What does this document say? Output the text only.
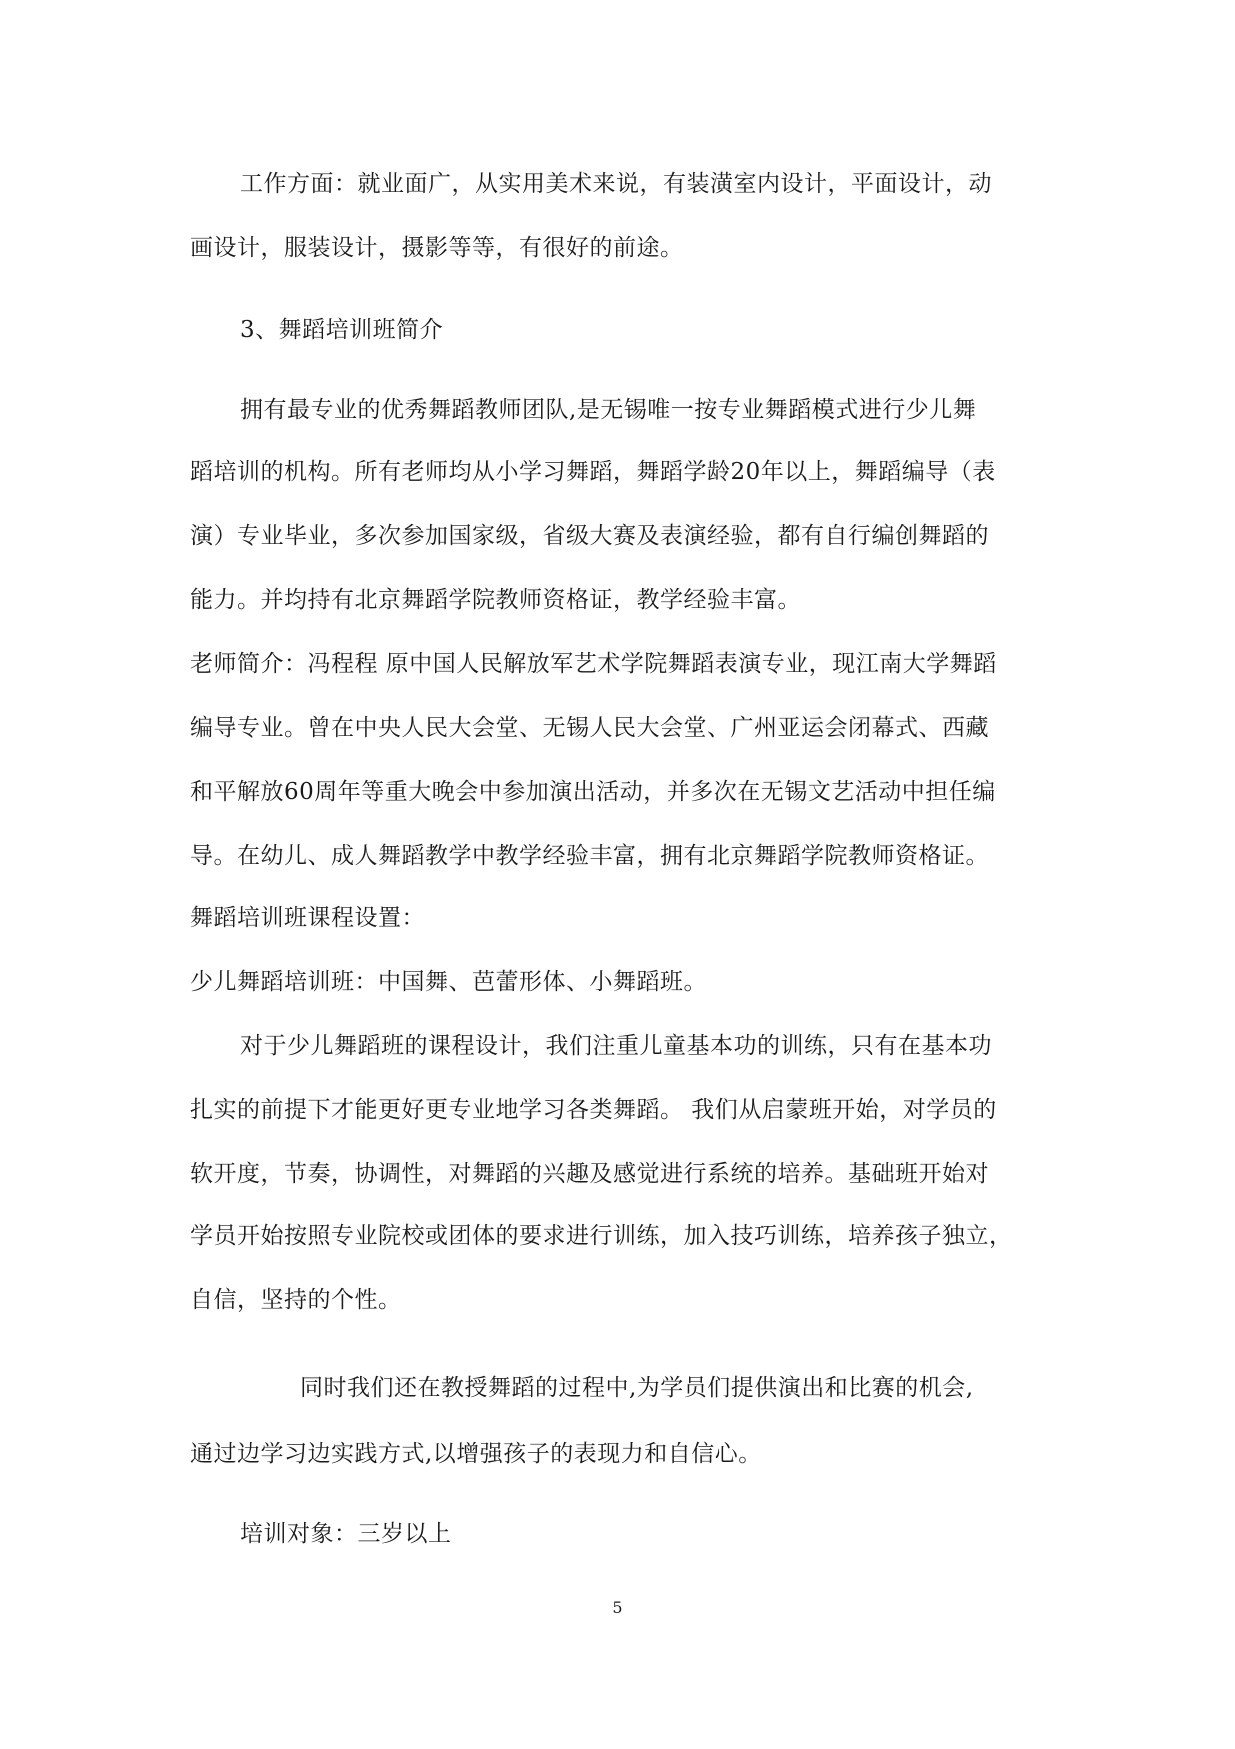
工作方面：就业面广，从实用美术来说，有装潢室内设计，平面设计，动
画设计，服装设计，摄影等等，有很好的前途。
3、舞蹈培训班简介
拥有最专业的优秀舞蹈教师团队,是无锡唯一按专业舞蹈模式进行少儿舞
蹈培训的机构。所有老师均从小学习舞蹈，舞蹈学龄20年以上，舞蹈编导（表
演）专业毕业，多次参加国家级，省级大赛及表演经验，都有自行编创舞蹈的
能力。并均持有北京舞蹈学院教师资格证，教学经验丰富。
老师简介：冯程程 原中国人民解放军艺术学院舞蹈表演专业，现江南大学舞蹈
编导专业。曾在中央人民大会堂、无锡人民大会堂、广州亚运会闭幕式、西藏
和平解放60周年等重大晚会中参加演出活动，并多次在无锡文艺活动中担任编
导。在幼儿、成人舞蹈教学中教学经验丰富，拥有北京舞蹈学院教师资格证。
舞蹈培训班课程设置：
少儿舞蹈培训班：中国舞、芭蕾形体、小舞蹈班。
对于少儿舞蹈班的课程设计，我们注重儿童基本功的训练，只有在基本功
扎实的前提下才能更好更专业地学习各类舞蹈。 我们从启蒙班开始，对学员的
软开度，节奏，协调性，对舞蹈的兴趣及感觉进行系统的培养。基础班开始对
学员开始按照专业院校或团体的要求进行训练，加入技巧训练，培养孩子独立，
自信，坚持的个性。
同时我们还在教授舞蹈的过程中,为学员们提供演出和比赛的机会,
通过边学习边实践方式,以增强孩子的表现力和自信心。
培训对象：三岁以上
5
